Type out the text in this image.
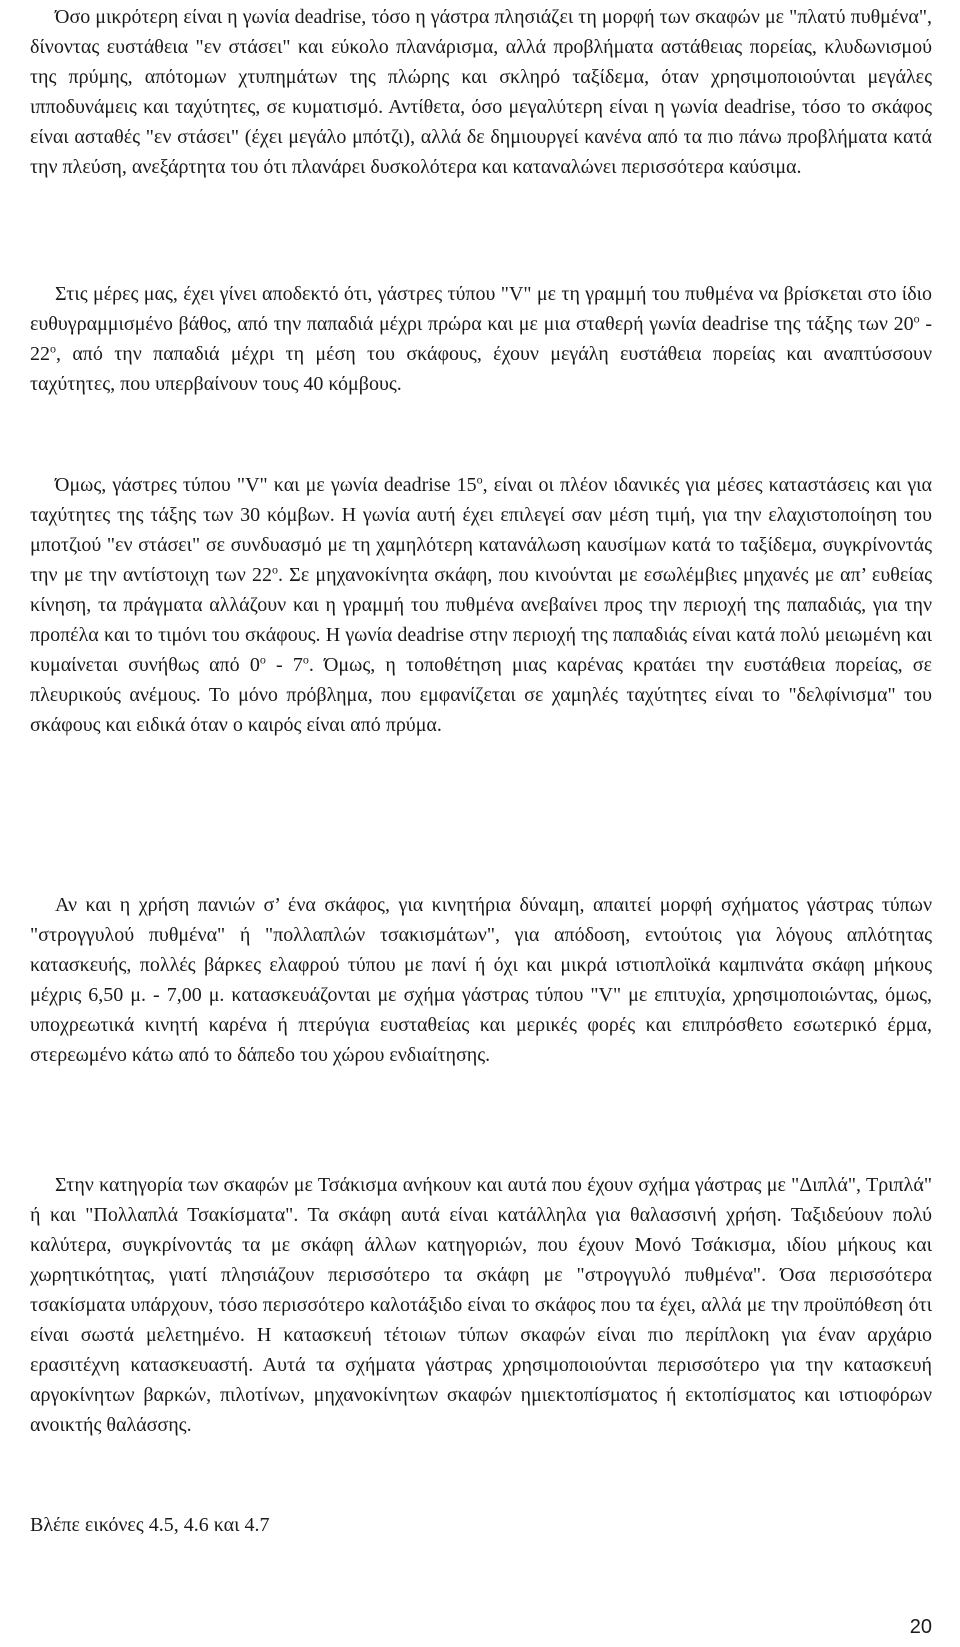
Όσο μικρότερη είναι η γωνία deadrise, τόσο η γάστρα πλησιάζει τη μορφή των σκαφών με "πλατύ πυθμένα", δίνοντας ευστάθεια "εν στάσει" και εύκολο πλανάρισμα, αλλά προβλήματα αστάθειας πορείας, κλυδωνισμού της πρύμης, απότομων χτυπημάτων της πλώρης και σκληρό ταξίδεμα, όταν χρησιμοποιούνται μεγάλες ιπποδυνάμεις και ταχύτητες, σε κυματισμό. Αντίθετα, όσο μεγαλύτερη είναι η γωνία deadrise, τόσο το σκάφος είναι ασταθές "εν στάσει" (έχει μεγάλο μπότζι), αλλά δε δημιουργεί κανένα από τα πιο πάνω προβλήματα κατά την πλεύση, ανεξάρτητα του ότι πλανάρει δυσκολότερα και καταναλώνει περισσότερα καύσιμα.

Στις μέρες μας, έχει γίνει αποδεκτό ότι, γάστρες τύπου "V" με τη γραμμή του πυθμένα να βρίσκεται στο ίδιο ευθυγραμμισμένο βάθος, από την παπαδιά μέχρι πρώρα και με μια σταθερή γωνία deadrise της τάξης των 20$^o$ - 22$^o$, από την παπαδιά μέχρι τη μέση του σκάφους, έχουν μεγάλη ευστάθεια πορείας και αναπτύσσουν ταχύτητες, που υπερβαίνουν τους 40 κόμβους.

Όμως, γάστρες τύπου "V" και με γωνία deadrise 15$^o$, είναι οι πλέον ιδανικές για μέσες καταστάσεις και για ταχύτητες της τάξης των 30 κόμβων. Η γωνία αυτή έχει επιλεγεί σαν μέση τιμή, για την ελαχιστοποίηση του μποτζιού "εν στάσει" σε συνδυασμό με τη χαμηλότερη κατανάλωση καυσίμων κατά το ταξίδεμα, συγκρίνοντάς την με την αντίστοιχη των 22$^o$. Σε μηχανοκίνητα σκάφη, που κινούνται με εσωλέμβιες μηχανές με απ’ ευθείας κίνηση, τα πράγματα αλλάζουν και η γραμμή του πυθμένα ανεβαίνει προς την περιοχή της παπαδιάς, για την προπέλα και το τιμόνι του σκάφους. Η γωνία deadrise στην περιοχή της παπαδιάς είναι κατά πολύ μειωμένη και κυμαίνεται συνήθως από 0$^o$ - 7$^o$. Όμως, η τοποθέτηση μιας καρένας κρατάει την ευστάθεια πορείας, σε πλευρικούς ανέμους. Το μόνο πρόβλημα, που εμφανίζεται σε χαμηλές ταχύτητες είναι το "δελφίνισμα" του σκάφους και ειδικά όταν ο καιρός είναι από πρύμα.

Αν και η χρήση πανιών σ’ ένα σκάφος, για κινητήρια δύναμη, απαιτεί μορφή σχήματος γάστρας τύπων "στρογγυλού πυθμένα" ή "πολλαπλών τσακισμάτων", για απόδοση, εντούτοις για λόγους απλότητας κατασκευής, πολλές βάρκες ελαφρού τύπου με πανί ή όχι και μικρά ιστιοπλοϊκά καμπινάτα σκάφη μήκους μέχρις 6,50 μ. - 7,00 μ. κατασκευάζονται με σχήμα γάστρας τύπου "V" με επιτυχία, χρησιμοποιώντας, όμως, υποχρεωτικά κινητή καρένα ή πτερύγια ευσταθείας και μερικές φορές και επιπρόσθετο εσωτερικό έρμα, στερεωμένο κάτω από το δάπεδο του χώρου ενδιαίτησης.

Στην κατηγορία των σκαφών με Τσάκισμα ανήκουν και αυτά που έχουν σχήμα γάστρας με "Διπλά", Τριπλά" ή και "Πολλαπλά Τσακίσματα". Τα σκάφη αυτά είναι κατάλληλα για θαλασσινή χρήση. Ταξιδεύουν πολύ καλύτερα, συγκρίνοντάς τα με σκάφη άλλων κατηγοριών, που έχουν Μονό Τσάκισμα, ιδίου μήκους και χωρητικότητας, γιατί πλησιάζουν περισσότερο τα σκάφη με "στρογγυλό πυθμένα". Όσα περισσότερα τσακίσματα υπάρχουν, τόσο περισσότερο καλοτάξιδο είναι το σκάφος που τα έχει, αλλά με την προϋπόθεση ότι είναι σωστά μελετημένο. Η κατασκευή τέτοιων τύπων σκαφών είναι πιο περίπλοκη για έναν αρχάριο ερασιτέχνη κατασκευαστή. Αυτά τα σχήματα γάστρας χρησιμοποιούνται περισσότερο για την κατασκευή αργοκίνητων βαρκών, πιλοτίνων, μηχανοκίνητων σκαφών ημιεκτοπίσματος ή εκτοπίσματος και ιστιοφόρων ανοικτής θαλάσσης.

Βλέπε εικόνες 4.5, 4.6 και 4.7

20
